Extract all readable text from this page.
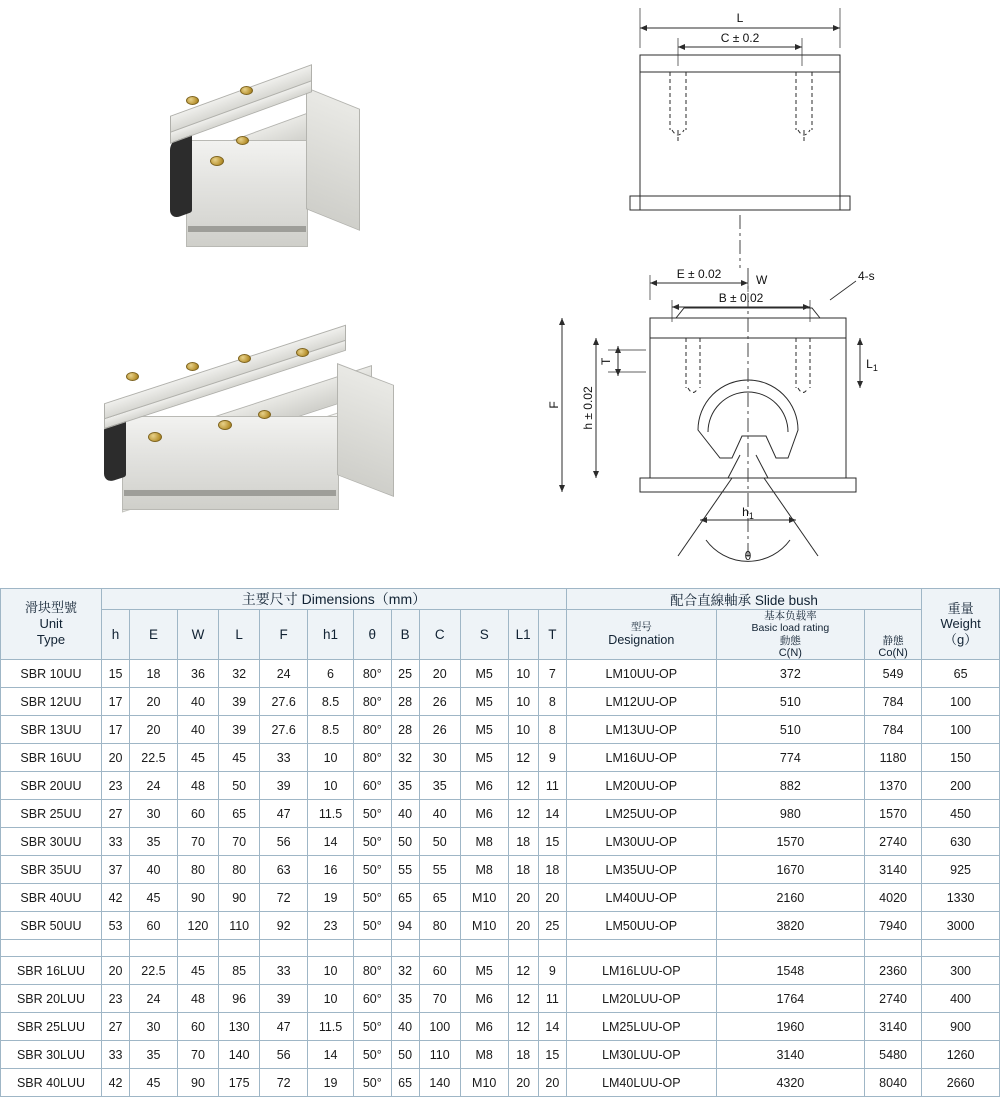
L
C ± 0.2
E ± 0.02	W	4-s
B ± 0.02
T	$L_1$
h ± 0.02
F
$h_1$
θ
滑块型號
Unit
Type
	主要尺寸 Dimensions（mm）	配合直線軸承 Slide bush	
重量
Weight
（g）

	h	E	W	L	F	h1	θ	B	C	S	L1	T	型号
Designation	基本负载率
Basic load rating
動態
C(N)	静態
Co(N)	
SBR 10UU	15	18	36	32	24	6	80°	25	20	M5	10	7	LM10UU-OP	372	549	65
SBR 12UU	17	20	40	39	27.6	8.5	80°	28	26	M5	10	8	LM12UU-OP	510	784	100
SBR 13UU	17	20	40	39	27.6	8.5	80°	28	26	M5	10	8	LM13UU-OP	510	784	100
SBR 16UU	20	22.5	45	45	33	10	80°	32	30	M5	12	9	LM16UU-OP	774	1180	150
SBR 20UU	23	24	48	50	39	10	60°	35	35	M6	12	11	LM20UU-OP	882	1370	200
SBR 25UU	27	30	60	65	47	11.5	50°	40	40	M6	12	14	LM25UU-OP	980	1570	450
SBR 30UU	33	35	70	70	56	14	50°	50	50	M8	18	15	LM30UU-OP	1570	2740	630
SBR 35UU	37	40	80	80	63	16	50°	55	55	M8	18	18	LM35UU-OP	1670	3140	925
SBR 40UU	42	45	90	90	72	19	50°	65	65	M10	20	20	LM40UU-OP	2160	4020	1330
SBR 50UU	53	60	120	110	92	23	50°	94	80	M10	20	25	LM50UU-OP	3820	7940	3000

SBR 16LUU	20	22.5	45	85	33	10	80°	32	60	M5	12	9	LM16LUU-OP	1548	2360	300
SBR 20LUU	23	24	48	96	39	10	60°	35	70	M6	12	11	LM20LUU-OP	1764	2740	400
SBR 25LUU	27	30	60	130	47	11.5	50°	40	100	M6	12	14	LM25LUU-OP	1960	3140	900
SBR 30LUU	33	35	70	140	56	14	50°	50	110	M8	18	15	LM30LUU-OP	3140	5480	1260
SBR 40LUU	42	45	90	175	72	19	50°	65	140	M10	20	20	LM40LUU-OP	4320	8040	2660
